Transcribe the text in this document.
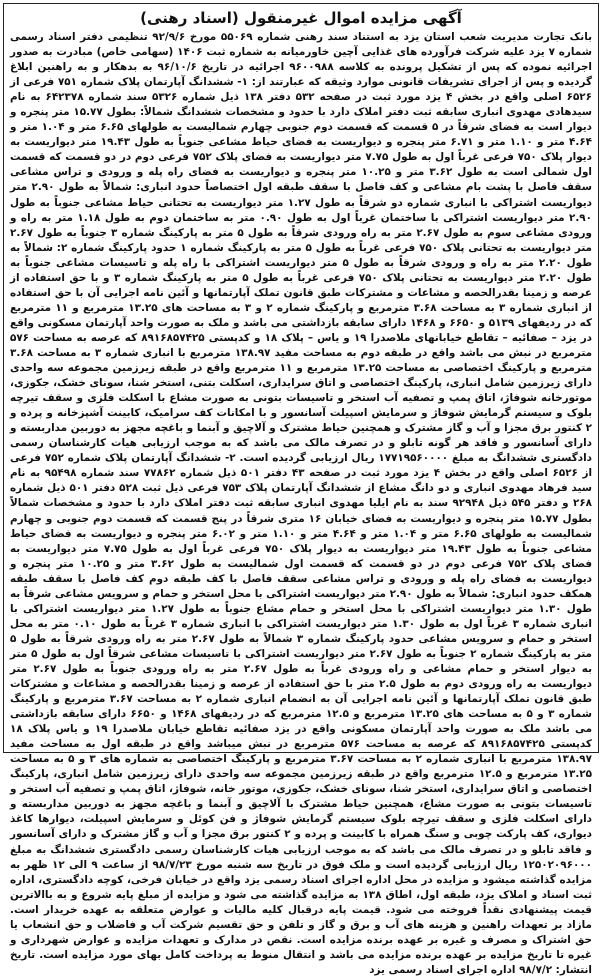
آگهی مزایده اموال غیرمنقول (اسناد رهنی)

بانک تجارت مدیریت شعب استان یزد به استناد سند رهنی شماره ۵۵۰۶۹ مورخ ۹۲/۹/۶ تنظیمی دفتر اسناد رسمی شماره ۷ یزد علیه شرکت فرآورده های غذایی آچین خاورمیانه به شماره ثبت ۱۴۰۶ (سهامی خاص) مبادرت به صدور اجرائیه نموده که پس از تشکیل پرونده به کلاسه ۹۶۰۰۹۸۸ اجرائیه در تاریخ ۹۶/۱۰/۶ به بدهکار و به راهنین ابلاغ گردیده و پس از اجرای تشریفات قانونی موارد وثیقه که عبارتند از: ۱- ششدانگ آپارتمان پلاک شماره ۷۵۱ فرعی از ۶۵۲۶ اصلی واقع در بخش ۴ یزد مورد ثبت در صفحه ۵۳۲ دفتر ۱۳۸ ذیل شماره ۵۳۲۶ سند شماره ۶۴۲۳۷۸ به نام سیدهادی مهدوی انباری سابقه ثبت دفتر املاک دارد با حدود و مشخصات ششدانگ شمالاً: بطول ۱۵.۷۷ متر پنجره و دیوار است به فضای شرقاً در ۵ قسمت که قسمت دوم جنوبی چهارم شمالیست به طولهای ۶.۶۵ متر و ۱.۰۴ متر و ۴.۶۴ متر و ۱.۱۰ متر و ۶.۷۱ متر پنجره و دیواریست به فضای حیاط مشاعی جنوباً به طول ۱۹.۴۳ متر دیواریست به دیوار پلاک ۷۵۰ فرعی غرباً اول به طول ۷.۷۵ متر دیواریست به فضای پلاک ۷۵۲ فرعی دوم در دو قسمت که قسمت اول شمالی است به طول ۳.۶۲ متر و ۱۰.۲۵ متر پنجره و دیواریست به فضای راه پله و ورودی و تراس مشاعی سقف فاصل با پشت بام مشاعی و کف فاصل با سقف طبقه اول اختصاصاً حدود انباری: شمالاً به طول ۲.۹۰ متر دیواریست اشتراکی با انباری شماره دو شرقاً به طول ۱.۲۷ متر دیواریست به تحتانی حیاط مشاعی جنوباً به طول ۲.۹۰ متر دیواریست اشتراکی با ساختمان غرباً اول به طول ۰.۹۰ متر به ساختمان دوم به طول ۱.۱۸ متر به راه و ورودی مشاعی سوم به طول ۲.۶۷ متر به راه ورودی شرقاً به طول ۵ متر به پارکینگ شماره ۳ جنوباً به طول ۲.۶۷ متر دیواریست به تحتانی پلاک ۷۵۰ فرعی غرباً به طول ۵ متر به پارکینگ شماره ۱ حدود پارکینگ شماره ۲: شمالاً به طول ۲.۲۰ متر به راه و ورودی شرقاً به طول ۵ متر دیواریست اشتراکی با راه پله و تاسیسات مشاعی جنوباً به طول ۲.۲۰ متر دیواریست به تحتانی پلاک ۷۵۰ فرعی غرباً به طول ۵ متر به پارکینگ شماره ۳ و با حق استفاده از عرصه و زمینا بقدرالحصه و مشاعات و مشترکات طبق قانون تملک آپارتمانها و آئین نامه اجرایی آن با حق استفاده از انباری شماره ۳ به مساحت ۳.۶۸ مترمربع و پارکینگ شماره ۲ و ۳ به مساحت های ۱۳.۲۵ مترمربع و ۱۱ مترمربع که در ردیفهای ۵۱۳۹ و ۶۶۵۰ و ۱۴۶۸ دارای سابقه بازداشتی می باشد و ملک به صورت واحد آپارتمان مسکونی واقع در یزد – صفائیه – تقاطع خیابانهای ملاصدرا ۱۹ و یاس – پلاک ۱۸ و کدپستی ۸۹۱۶۸۵۷۴۲۵ که عرصه به مساحت ۵۷۶ مترمربع در نبش می باشد واقع در طبقه دوم به مساحت مفید ۱۳۸.۹۷ مترمربع با انباری شماره ۳ به مساحت ۳.۶۸ مترمربع و پارکینگ اختصاصی به مساحت ۱۳.۲۵ مترمربع و ۱۱ مترمربع واقع در طبقه زیرزمین مجموعه سه واحدی دارای زیرزمین شامل انباری، پارکینگ اختصاصی و اتاق سرایداری، اسکلت بتنی، استخر شنا، سونای خشک، جکوزی، موتورخانه شوفاژ، اتاق پمپ و تصفیه آب استخر و تاسیسات بتونی به صورت مشاع با اسکلت فلزی و سقف تیرچه بلوک و سیستم گرمایش شوفاژ و سرمایش اسپیلت آسانسور و با امکانات کف سرامیک، کابینت آشپزخانه و پرده و ۲ کنتور برق مجزا و آب و گاز مشترک و همچنین حیاط مشترک و آلاچیق و آبنما و باغچه مجهز به دوربین مداربسته و دارای آسانسور و فاقد هر گونه تابلو و در تصرف مالک می باشد که به موجب ارزیابی هیات کارشناسان رسمی دادگستری ششدانگ به مبلغ ۱۷۷۱۹۵۶۰۰۰۰ ریال ارزیابی گردیده است. ۲- ششدانگ آپارتمان پلاک شماره ۷۵۲ فرعی از ۶۵۲۶ اصلی واقع در بخش ۴ یزد مورد ثبت در صفحه ۴۳ دفتر ۵۰۱ ذیل شماره ۷۷۸۶۲ سند شماره ۹۵۴۹۸ به نام سید فرهاد مهدوی انباری و دو دانگ مشاع از ششدانگ آپارتمان پلاک ۷۵۳ فرعی ذیل ثبت ۵۲۸ دفتر ۵۰۱ ذیل شماره ۲۶۸ و دفتر ۵۴۵ ذیل ۹۲۹۴۸ سند به نام ایلیا مهدوی انباری سابقه ثبت دفتر املاک دارد با حدود و مشخصات شمالاً بطول ۱۵.۷۷ متر پنجره و دیواریست به فضای خیابان ۱۶ متری شرقاً در پنج قسمت که قسمت دوم جنوبی و چهارم شمالیست به طولهای ۶.۶۵ متر و ۱.۰۴ متر و ۴.۶۴ متر و ۱.۱۰ متر و ۶.۰۲ متر پنجره و دیواریست به فضای حیاط مشاعی جنوباً به طول ۱۹.۴۳ متر دیواریست به دیوار پلاک ۷۵۰ فرعی غرباً اول به طول ۷.۷۵ متر دیواریست به فضای پلاک ۷۵۲ فرعی دوم در دو قسمت که قسمت اول شمالیست به طول ۳.۶۲ متر و ۱۰.۲۵ متر پنجره و دیواریست به فضای راه پله و ورودی و تراس مشاعی سقف فاصل با کف طبقه دوم کف فاصل با سقف طبقه همکف حدود انباری: شمالاً به طول ۲.۹۰ متر دیواریست اشتراکی با محل استخر و حمام و سرویس مشاعی شرقاً به طول ۱.۳۰ متر دیواریست اشتراکی با محل استخر و حمام مشاع جنوباً به طول ۱.۲۷ متر دیواریست اشتراکی با انباری شماره ۳ غرباً اول به طول ۱.۳۰ متر دیواریست اشتراکی با انباری شماره ۳ غرباً به طول ۰.۱۰ متر به محل استخر و حمام و سرویس مشاعی حدود پارکینگ شماره ۳ شمالاً به طول ۲.۶۷ متر به راه ورودی شرقاً به طول ۵ متر به پارکینگ شماره ۲ جنوباً به طول ۲.۶۷ متر دیواریست اشتراکی با تاسیسات مشاعی شرقاً اول به طول ۵ متر به دیوار استخر و حمام مشاعی و راه ورودی غرباً به طول ۲.۶۷ متر به راه ورودی جنوباً به طول ۲.۶۷ متر دیواریست به راه ورودی دوم به طول ۲.۵ متر با حق استفاده از عرصه و زمینا بقدرالحصه و مشاعات و مشترکات طبق قانون تملک آپارتمانها و آئین نامه اجرایی آن به انضمام انباری شماره ۲ به مساحت ۳.۶۷ مترمربع و پارکینگ شماره ۳ و ۵ به مساحت های ۱۳.۲۵ مترمربع و ۱۲.۵ مترمربع که در ردیفهای ۱۴۶۸ و ۶۶۵۰ دارای سابقه بازداشتی می باشد ملک به صورت واحد آپارتمان مسکونی واقع در یزد صفائیه تقاطع خیابان ملاصدرا ۱۹ و یاس پلاک ۱۸ کدپستی ۸۹۱۶۸۵۷۴۲۵ که عرصه به مساحت ۵۷۶ مترمربع در نبش میباشد واقع در طبقه اول به مساحت مفید ۱۳۸.۹۷ مترمربع با انباری شماره ۲ به مساحت ۳.۶۷ مترمربع و پارکینگ اختصاصی به شماره های ۳ و ۵ به مساحت ۱۳.۲۵ مترمربع و ۱۲.۵ مترمربع واقع در طبقه زیرزمین مجموعه سه واحدی دارای زیرزمین شامل انباری، پارکینگ اختصاصی و اتاق سرایداری، استخر شنا، سونای خشک، جکوزی، موتور خانه، شوفاژ، اتاق پمپ و تصفیه آب استخر و تاسیسات بتونی به صورت مشاع، همچنین حیاط مشترک با آلاچیق و آبنما و باغچه مجهز به دوربین مداربسته و دارای اسکلت فلزی و سقف تیرچه بلوک سیستم گرمایش شوفاژ و فن کوئل و سرمایش اسپیلت، دیوارها کاغذ دیواری، کف پارکت چوبی و سنگ همراه با کابینت و پرده و ۲ کنتور برق مجزا و آب و گاز مشترک و دارای آسانسور و فاقد تابلو و در تصرف مالک می باشد که به موجب ارزیابی هیات کارشناسان رسمی دادگستری ششدانگ به مبلغ ۱۲۵۰۲۰۹۶۰۰۰ ریال ارزیابی گردیده است و ملک فوق در تاریخ سه شنبه مورخ ۹۸/۷/۲۳ از ساعت ۹ الی ۱۲ ظهر به مزایده گذاشته میشود و مزایده در محل اداره اجرای اسناد رسمی یزد واقع در خیابان فرخی، کوچه دادگستری، اداره ثبت اسناد و املاک یزد، طبقه اول، اطاق ۱۳۸ به مزایده گذاشته می شود و مزایده از مبلغ پایه شروع و به باالاترین قیمت پیشنهادی نقداً فروخته می شود. قیمت پایه درقبال کلیه مالیات و عوارض متعلقه به عهده خریدار است. مازاد بر تعهدات راهنین و هزینه های آب و برق و گاز و تلفن و حق تقسیم شرکت آب و فاضلاب و حق انشعاب یا حق اشتراک و مصرف و غیره بر عهده برنده مزایده است. نقص در مدارک و تعهدات مزایده و عوارض شهرداری و غیره تا تاریخ مزایده بر عهده برنده مزایده می باشد و انتقال منوط به پرداخت کامل بهای مورد مزایده است. تاریخ انتشار: ۹۸/۷/۲ اداره اجرای اسناد رسمی یزد
